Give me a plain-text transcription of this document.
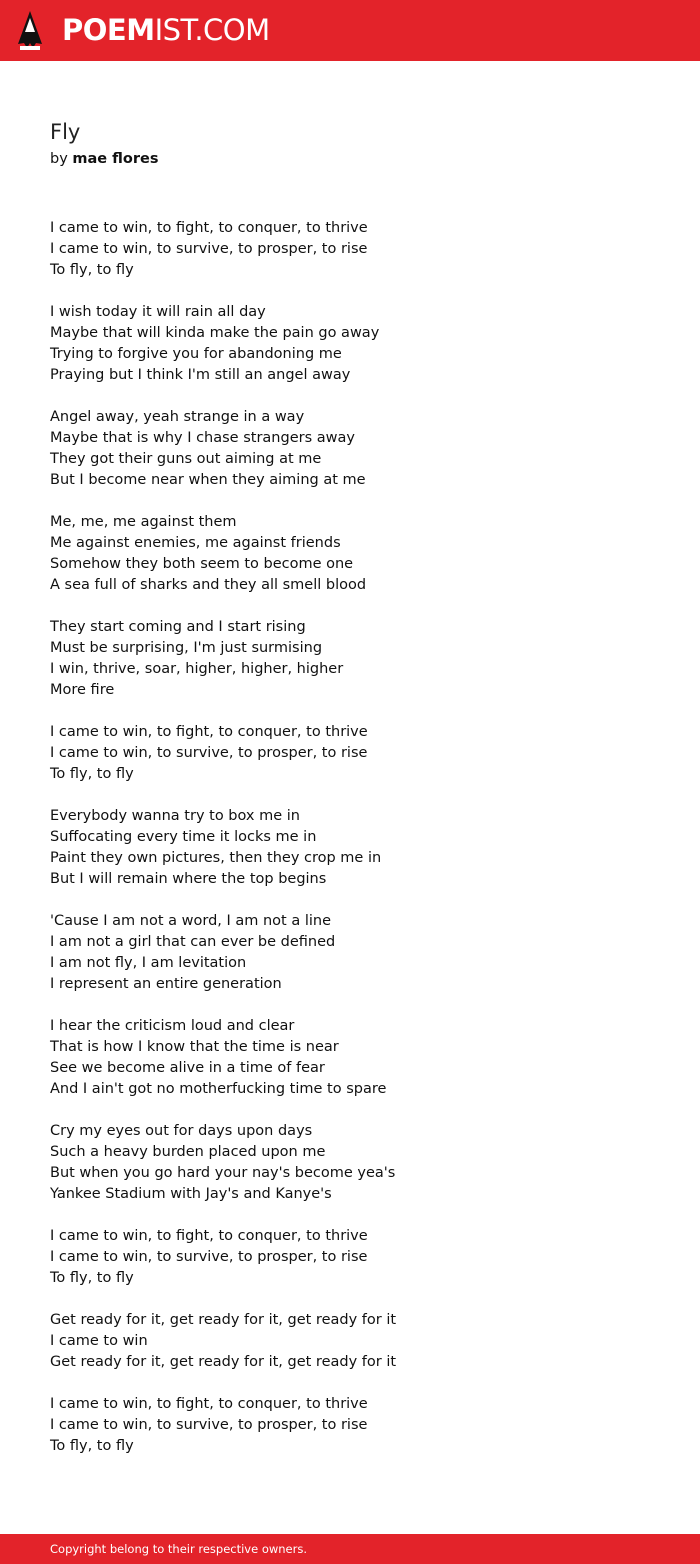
POEMIST.COM
Fly
by mae flores
I came to win, to fight, to conquer, to thrive
I came to win, to survive, to prosper, to rise
To fly, to fly
I wish today it will rain all day
Maybe that will kinda make the pain go away
Trying to forgive you for abandoning me
Praying but I think I'm still an angel away
Angel away, yeah strange in a way
Maybe that is why I chase strangers away
They got their guns out aiming at me
But I become near when they aiming at me
Me, me, me against them
Me against enemies, me against friends
Somehow they both seem to become one
A sea full of sharks and they all smell blood
They start coming and I start rising
Must be surprising, I'm just surmising
I win, thrive, soar, higher, higher, higher
More fire
I came to win, to fight, to conquer, to thrive
I came to win, to survive, to prosper, to rise
To fly, to fly
Everybody wanna try to box me in
Suffocating every time it locks me in
Paint they own pictures, then they crop me in
But I will remain where the top begins
'Cause I am not a word, I am not a line
I am not a girl that can ever be defined
I am not fly, I am levitation
I represent an entire generation
I hear the criticism loud and clear
That is how I know that the time is near
See we become alive in a time of fear
And I ain't got no motherfucking time to spare
Cry my eyes out for days upon days
Such a heavy burden placed upon me
But when you go hard your nay's become yea's
Yankee Stadium with Jay's and Kanye's
I came to win, to fight, to conquer, to thrive
I came to win, to survive, to prosper, to rise
To fly, to fly
Get ready for it, get ready for it, get ready for it
I came to win
Get ready for it, get ready for it, get ready for it
I came to win, to fight, to conquer, to thrive
I came to win, to survive, to prosper, to rise
To fly, to fly
Copyright belong to their respective owners.
